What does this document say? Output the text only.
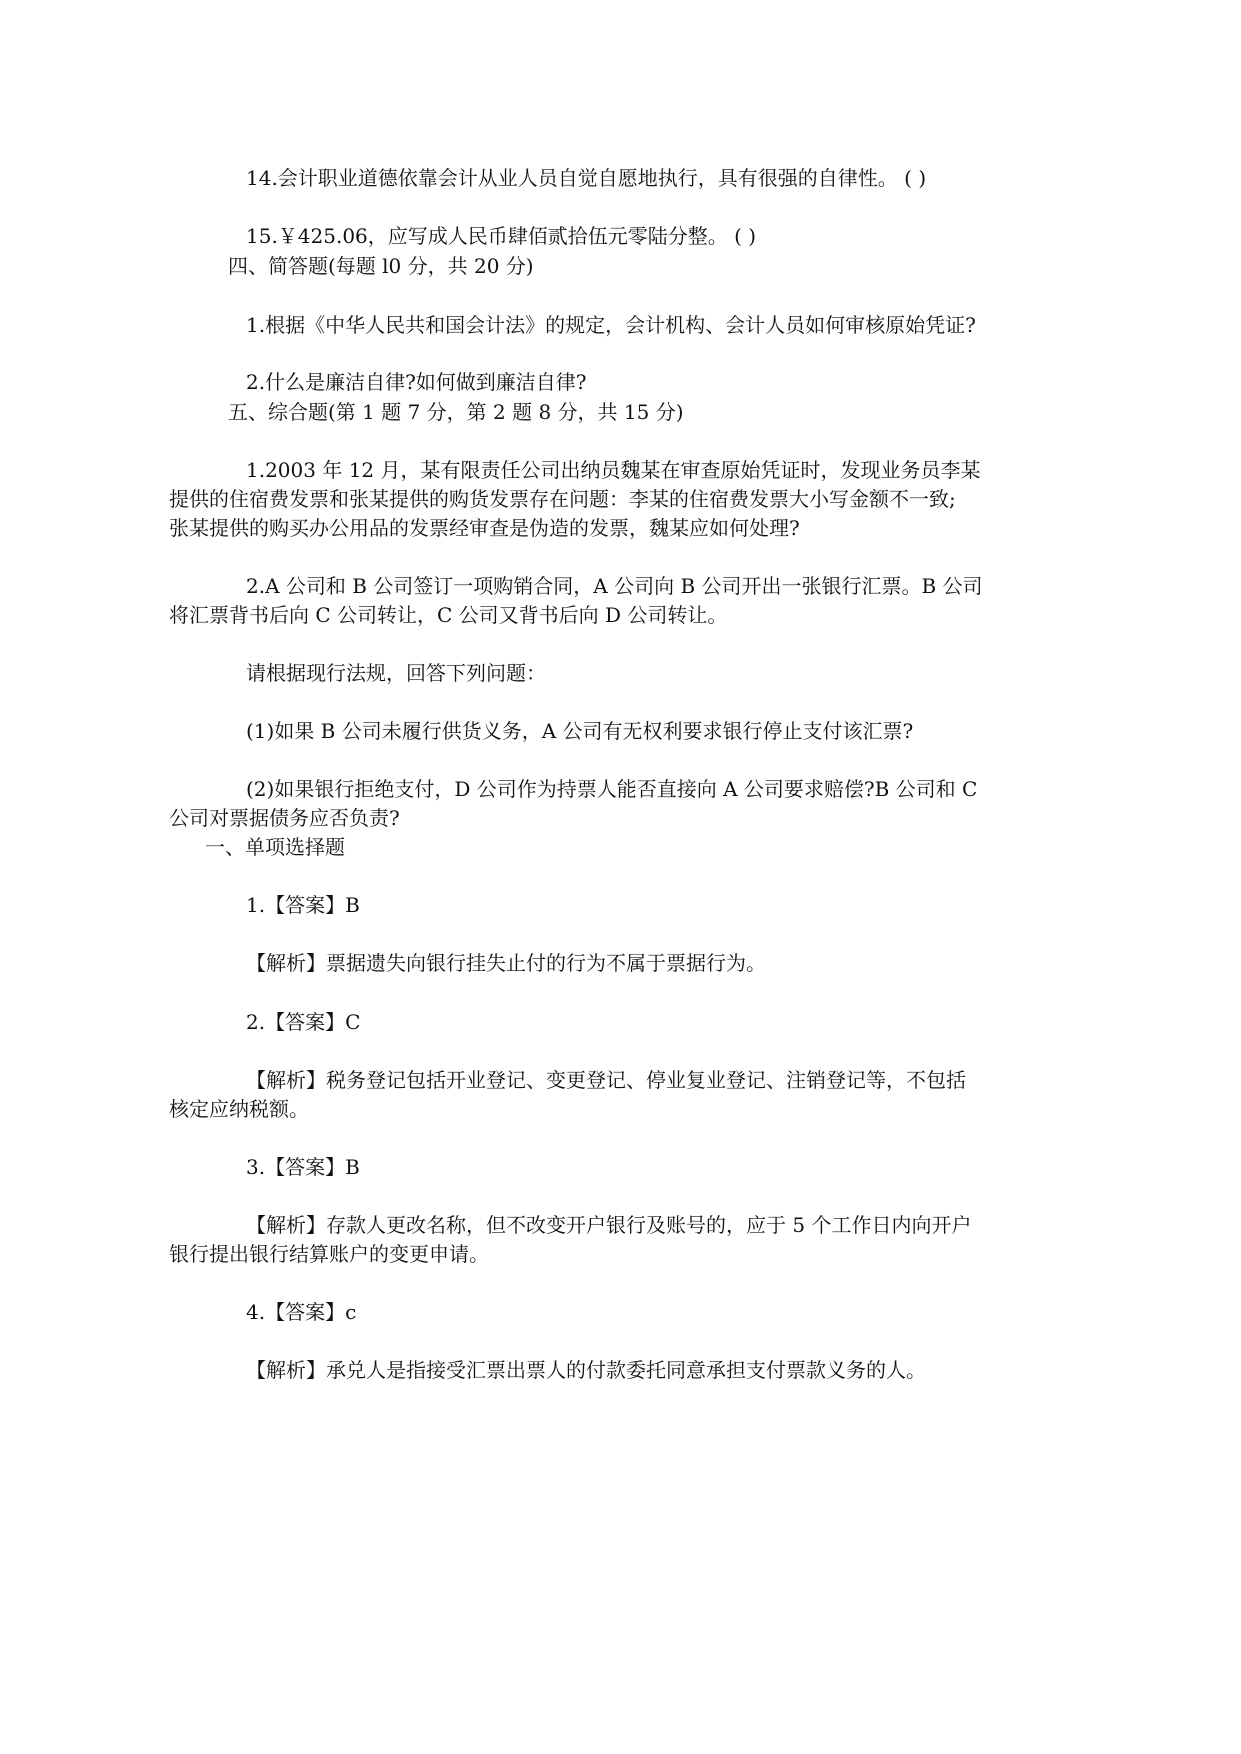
14.会计职业道德依靠会计从业人员自觉自愿地执行，具有很强的自律性。 ( )
15.￥425.06，应写成人民币肆佰贰拾伍元零陆分整。 ( )
四、简答题(每题 l0 分，共 20 分)
1.根据《中华人民共和国会计法》的规定，会计机构、会计人员如何审核原始凭证?
2.什么是廉洁自律?如何做到廉洁自律?
五、综合题(第 1 题 7 分，第 2 题 8 分，共 15 分)
1.2003 年 12 月，某有限责任公司出纳员魏某在审查原始凭证时，发现业务员李某
提供的住宿费发票和张某提供的购货发票存在问题：李某的住宿费发票大小写金额不一致;
张某提供的购买办公用品的发票经审查是伪造的发票，魏某应如何处理?
2.A 公司和 B 公司签订一项购销合同，A 公司向 B 公司开出一张银行汇票。B 公司
将汇票背书后向 C 公司转让，C 公司又背书后向 D 公司转让。
请根据现行法规，回答下列问题：
(1)如果 B 公司未履行供货义务，A 公司有无权利要求银行停止支付该汇票?
(2)如果银行拒绝支付，D 公司作为持票人能否直接向 A 公司要求赔偿?B 公司和 C
公司对票据债务应否负责?
一、单项选择题
1.【答案】B
【解析】票据遗失向银行挂失止付的行为不属于票据行为。
2.【答案】C
【解析】税务登记包括开业登记、变更登记、停业复业登记、注销登记等，不包括
核定应纳税额。
3.【答案】B
【解析】存款人更改名称，但不改变开户银行及账号的，应于 5 个工作日内向开户
银行提出银行结算账户的变更申请。
4.【答案】c
【解析】承兑人是指接受汇票出票人的付款委托同意承担支付票款义务的人。
